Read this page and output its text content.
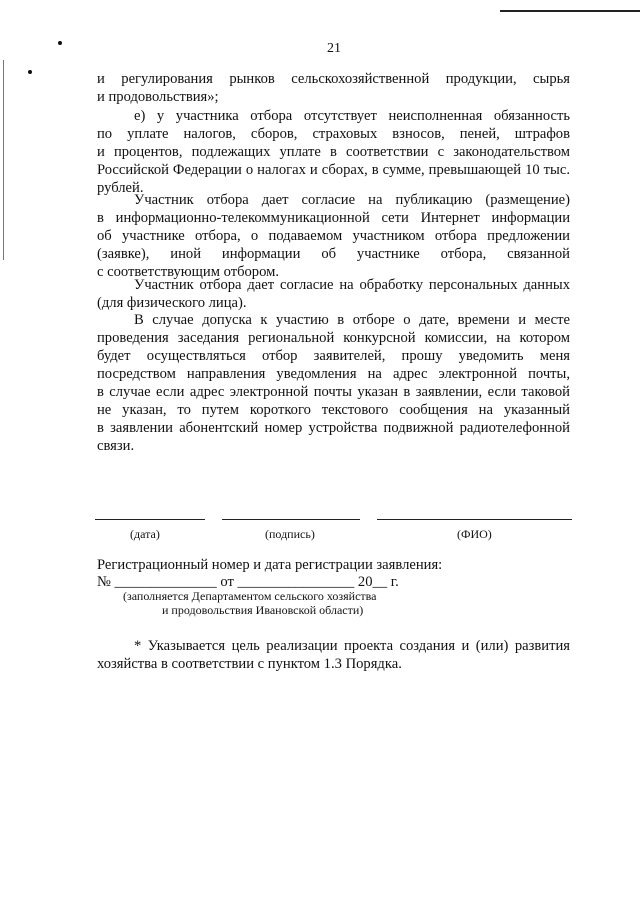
21
и регулирования рынков сельскохозяйственной продукции, сырья
и продовольствия»;
е) у участника отбора отсутствует неисполненная обязанность
по уплате налогов, сборов, страховых взносов, пеней, штрафов
и процентов, подлежащих уплате в соответствии с законодательством
Российской Федерации о налогах и сборах, в сумме, превышающей 10 тыс.
рублей.
Участник отбора дает согласие на публикацию (размещение)
в информационно-телекоммуникационной сети Интернет информации
об участнике отбора, о подаваемом участником отбора предложении
(заявке), иной информации об участнике отбора, связанной
с соответствующим отбором.
Участник отбора дает согласие на обработку персональных данных
(для физического лица).
В случае допуска к участию в отборе о дате, времени и месте
проведения заседания региональной конкурсной комиссии, на котором
будет осуществляться отбор заявителей, прошу уведомить меня
посредством направления уведомления на адрес электронной почты,
в случае если адрес электронной почты указан в заявлении, если таковой
не указан, то путем короткого текстового сообщения на указанный
в заявлении абонентский номер устройства подвижной радиотелефонной
связи.
(дата)	(подпись)	(ФИО)
Регистрационный номер и дата регистрации заявления:
№ ______________ от ________________ 20__ г.
(заполняется Департаментом сельского хозяйства
и продовольствия Ивановской области)
* Указывается цель реализации проекта создания и (или) развития
хозяйства в соответствии с пунктом 1.3 Порядка.
